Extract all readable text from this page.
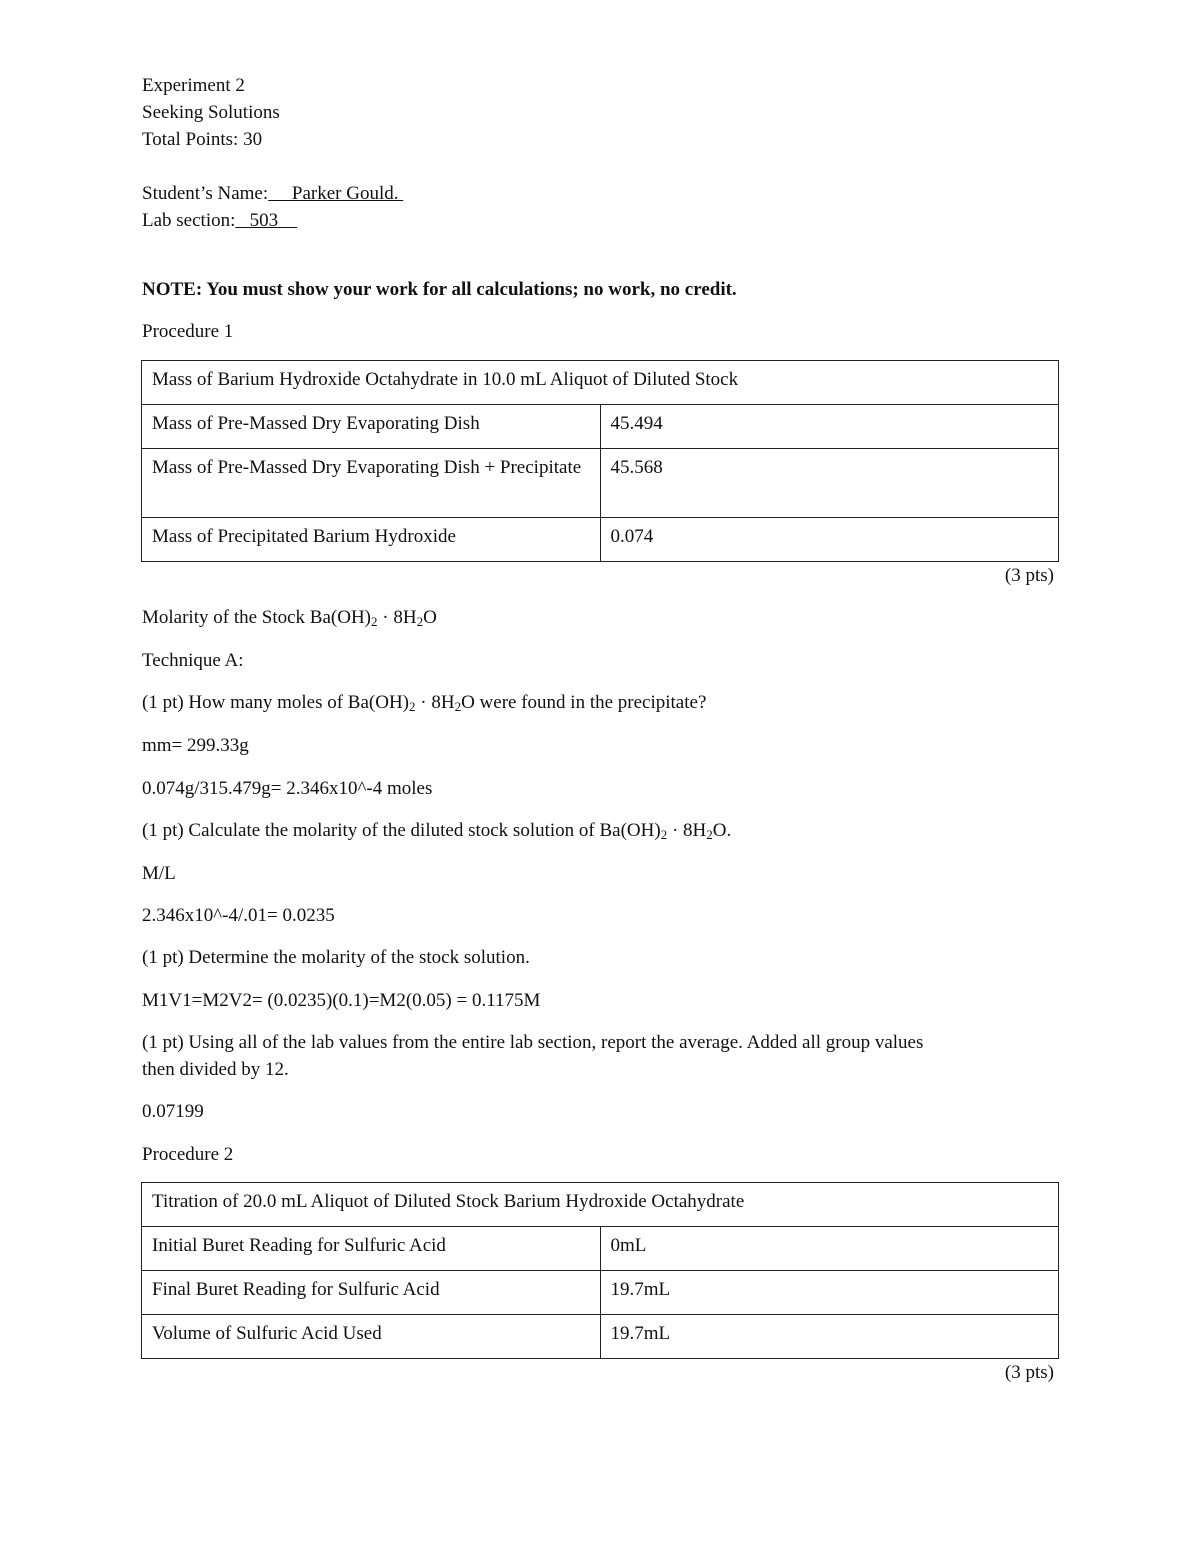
Experiment 2
Seeking Solutions
Total Points: 30
Student’s Name:     Parker Gould.
Lab section:   503
NOTE: You must show your work for all calculations; no work, no credit.
Procedure 1
Mass of Barium Hydroxide Octahydrate in 10.0 mL Aliquot of Diluted Stock	
Mass of Pre-Massed Dry Evaporating Dish	45.494
Mass of Pre-Massed Dry Evaporating Dish + Precipitate	45.568
Mass of Precipitated Barium Hydroxide	0.074
(3 pts)
Molarity of the Stock $Ba(OH)_2 \cdot 8H_2O$
Technique A:
(1 pt) How many moles of $Ba(OH)_2 \cdot 8H_2O$ were found in the precipitate?
mm= 299.33g
0.074g/315.479g= 2.346x10^-4 moles
(1 pt) Calculate the molarity of the diluted stock solution of $Ba(OH)_2 \cdot 8H_2O$.
M/L
2.346x10^-4/.01= 0.0235
(1 pt) Determine the molarity of the stock solution.
M1V1=M2V2= (0.0235)(0.1)=M2(0.05) = 0.1175M
(1 pt) Using all of the lab values from the entire lab section, report the average. Added all group values
then divided by 12.
0.07199
Procedure 2
Titration of 20.0 mL Aliquot of Diluted Stock Barium Hydroxide Octahydrate	
Initial Buret Reading for Sulfuric Acid	0mL
Final Buret Reading for Sulfuric Acid	19.7mL
Volume of Sulfuric Acid Used	19.7mL
(3 pts)
